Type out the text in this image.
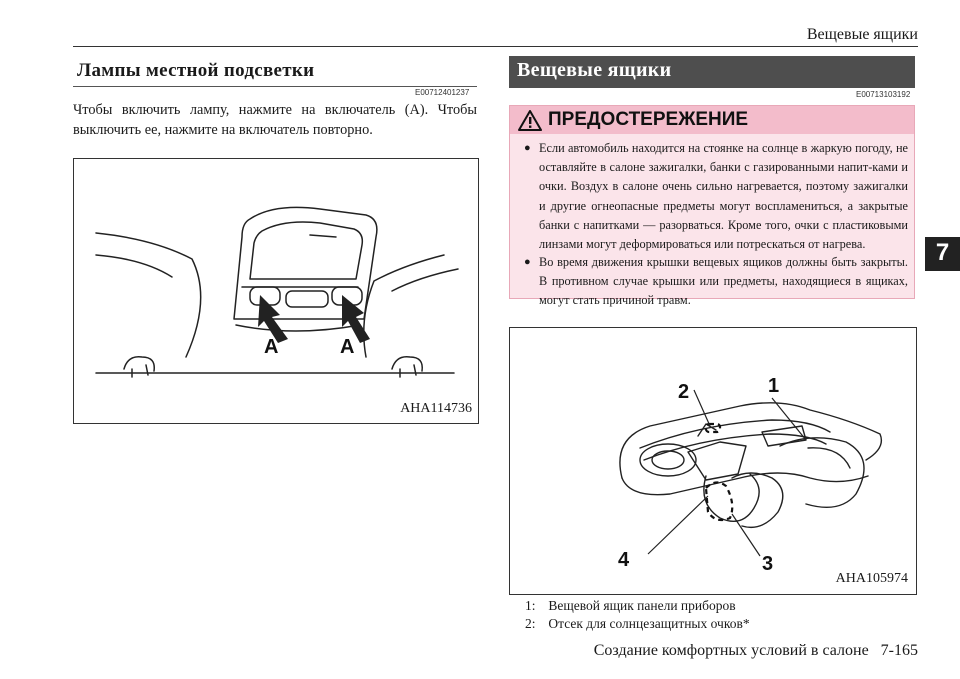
Вещевые ящики
Лампы местной подсветки
E00712401237
Чтобы включить лампу, нажмите на включатель (A). Чтобы выключить ее, нажмите на включатель повторно.
A	A
AHA114736
Вещевые ящики
E00713103192
ПРЕДОСТЕРЕЖЕНИЕ
● Если автомобиль находится на стоянке на солнце в жаркую погоду, не оставляйте в салоне зажигалки, банки с газированными напит-ками и очки. Воздух в салоне очень сильно нагревается, поэтому зажигалки и другие огнеопасные предметы могут воспламениться, а закрытые банки с напитками — разорваться. Кроме того, очки с пластиковыми линзами могут деформироваться или потрескаться от нагрева.
● Во время движения крышки вещевых ящиков должны быть закрыты. В противном случае крышки или предметы, находящиеся в ящиках, могут стать причиной травм.
1
2
3
4
AHA105974
1: Вещевой ящик панели приборов
2: Отсек для солнцезащитных очков*
7
Создание комфортных условий в салоне   7-165
